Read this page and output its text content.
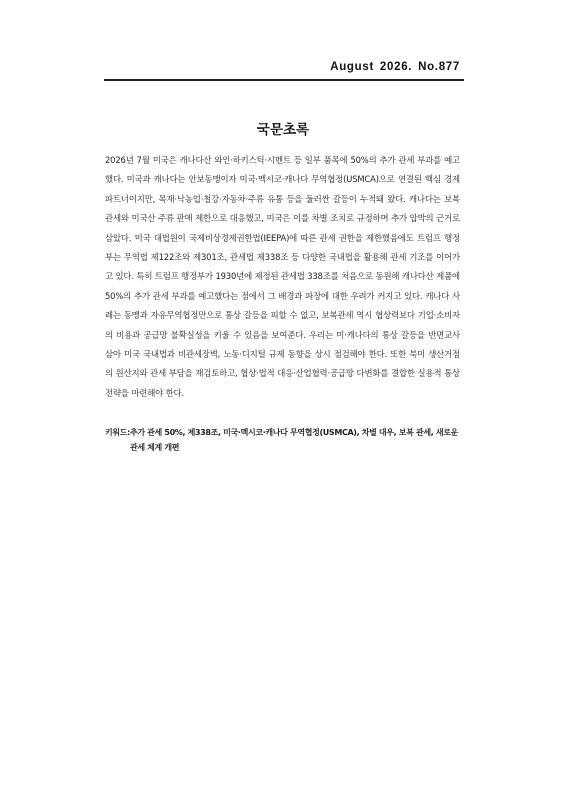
August 2026. No.877
국문초록

2026년 7월 미국은 캐나다산 와인·하키스틱·시멘트 등 일부 품목에 50%의 추가 관세 부과를 예고했다. 미국과 캐나다는 안보동맹이자 미국·멕시코·캐나다 무역협정(USMCA)으로 연결된 핵심 경제 파트너이지만, 목재·낙농업·철강·자동차·주류 유통 등을 둘러싼 갈등이 누적돼 왔다. 캐나다는 보복관세와 미국산 주류 판매 제한으로 대응했고, 미국은 이를 차별 조치로 규정하며 추가 압박의 근거로 삼았다. 미국 대법원이 국제비상경제권한법(IEEPA)에 따른 관세 권한을 제한했음에도 트럼프 행정부는 무역법 제122조와 제301조, 관세법 제338조 등 다양한 국내법을 활용해 관세 기조를 이어가고 있다. 특히 트럼프 행정부가 1930년에 제정된 관세법 338조를 처음으로 동원해 캐나다산 제품에 50%의 추가 관세 부과를 예고했다는 점에서 그 배경과 파장에 대한 우려가 커지고 있다. 캐나다 사례는 동맹과 자유무역협정만으로 통상 갈등을 피할 수 없고, 보복관세 역시 협상력보다 기업·소비자의 비용과 공급망 불확실성을 키울 수 있음을 보여준다. 우리는 미·캐나다의 통상 갈등을 반면교사 삼아 미국 국내법과 비관세장벽, 노동·디지털 규제 동향을 상시 점검해야 한다. 또한 북미 생산거점의 원산지와 관세 부담을 재검토하고, 협상·법적 대응·산업협력·공급망 다변화를 결합한 실용적 통상전략을 마련해야 한다.

키워드: 추가 관세 50%, 제338조, 미국·멕시코·캐나다 무역협정(USMCA), 차별 대우, 보복 관세, 새로운 관세 체계 개편
